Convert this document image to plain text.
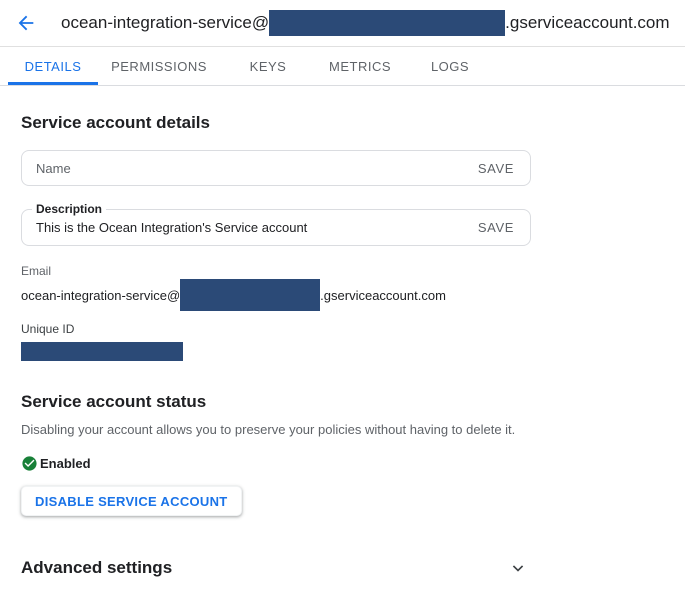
ocean-integration-service@	.gserviceaccount.com
DETAILS	PERMISSIONS	KEYS	METRICS	LOGS
Service account details
Name
SAVE
Description
This is the Ocean Integration's Service account
SAVE
Email
ocean-integration-service@	.gserviceaccount.com
Unique ID
Service account status

Disabling your account allows you to preserve your policies without having to delete it.

Enabled
DISABLE SERVICE ACCOUNT
Advanced settings
